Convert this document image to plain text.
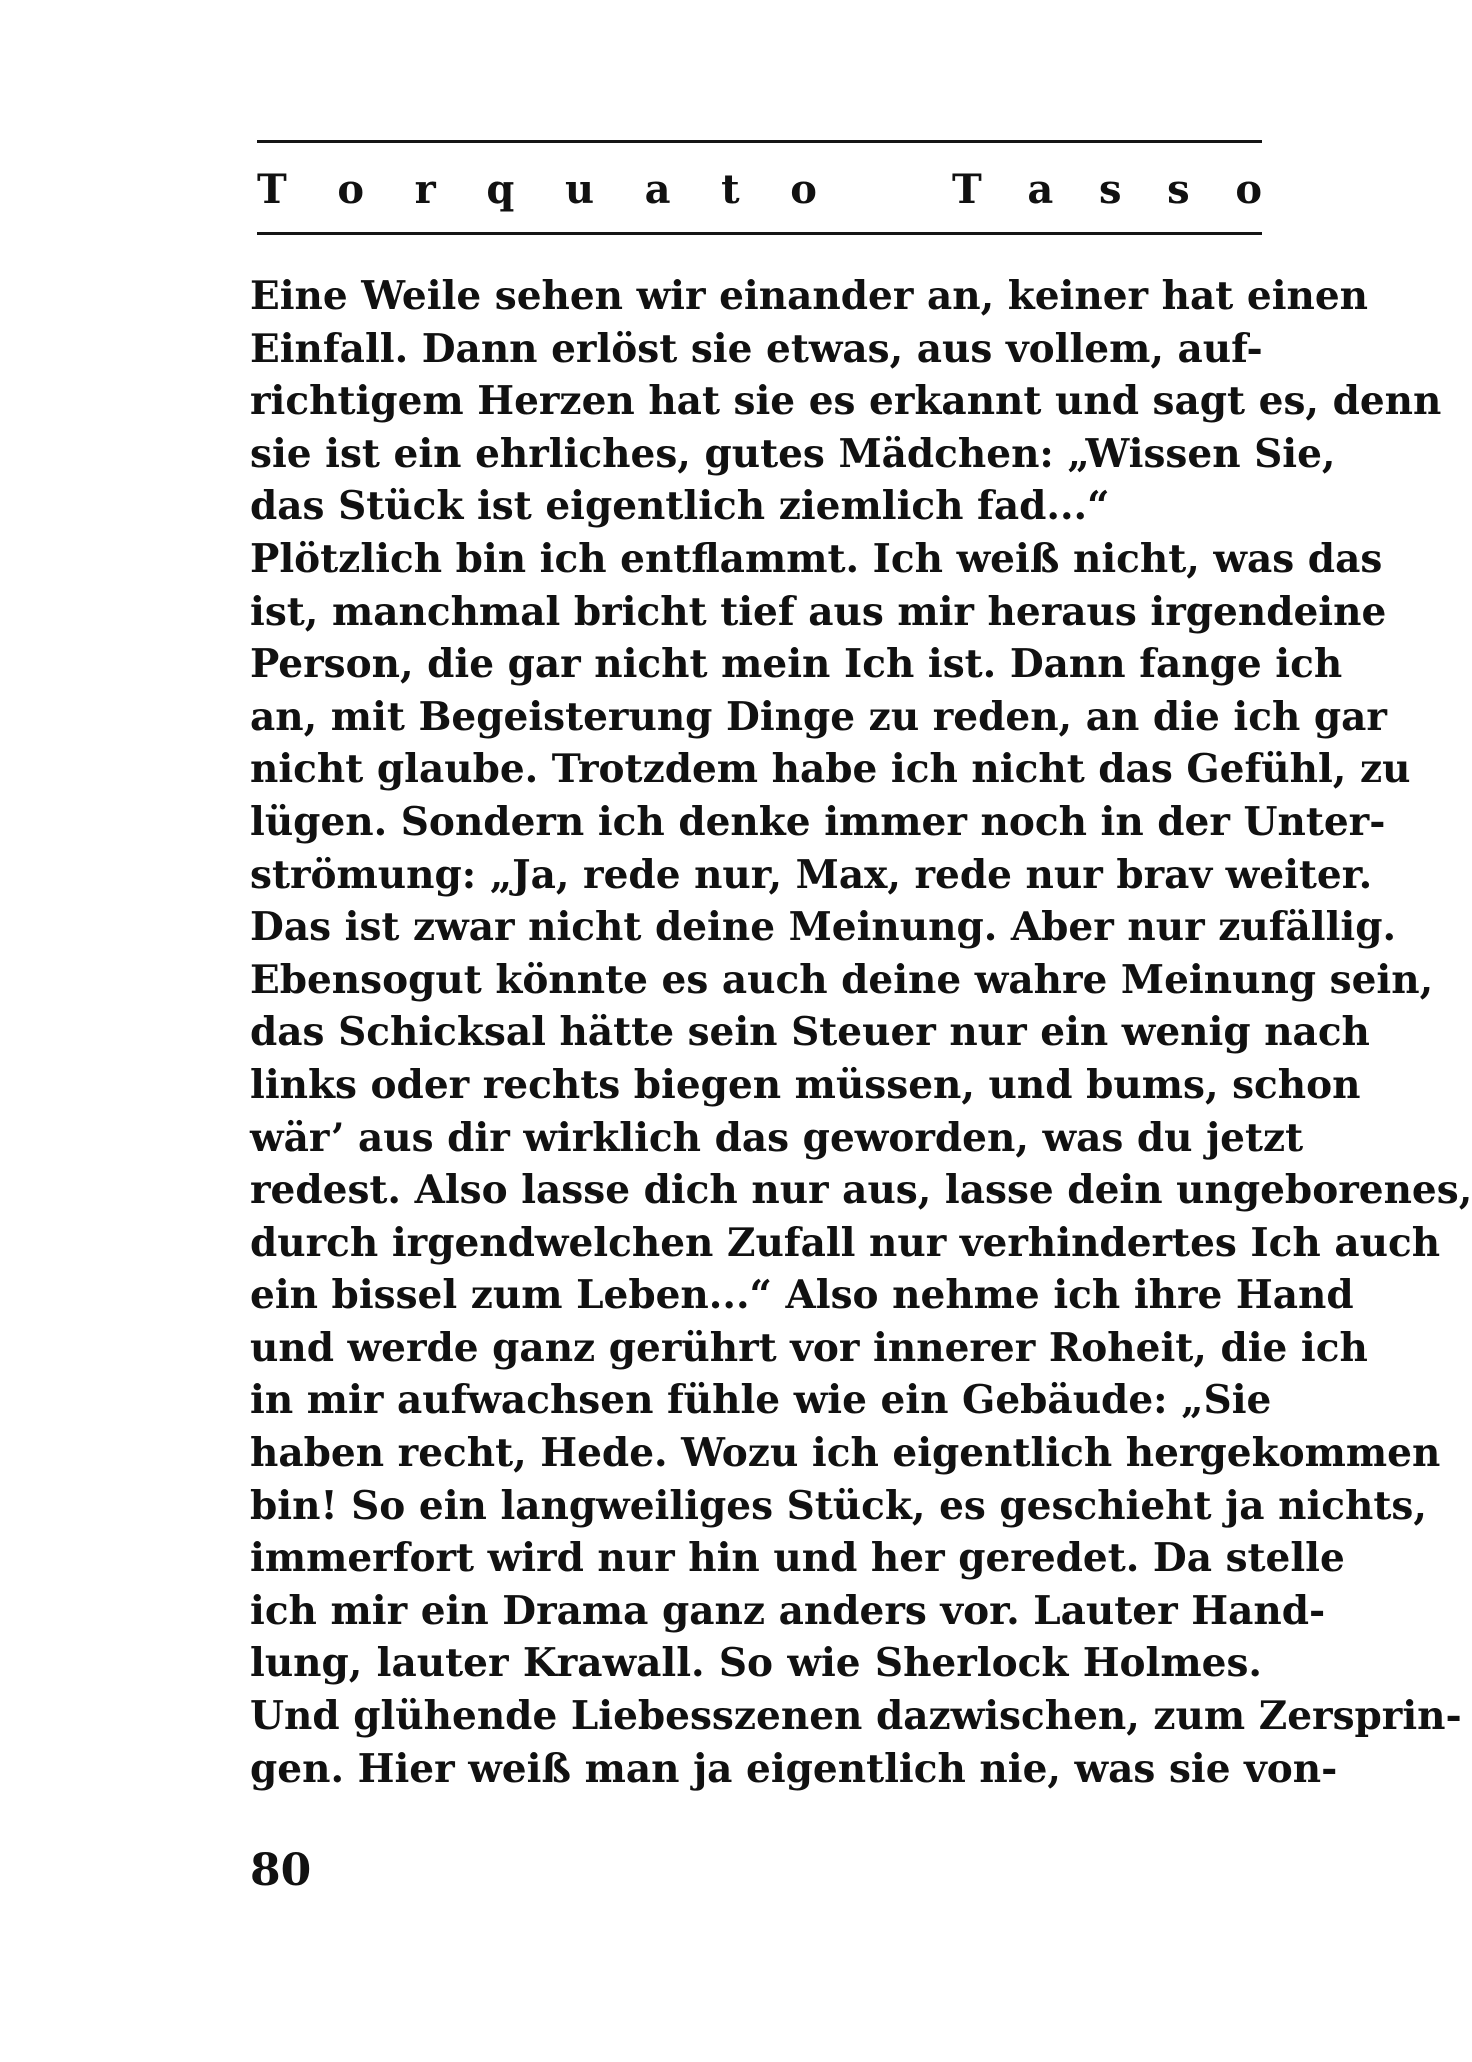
T o r q u a t o	T a s s o
Eine Weile sehen wir einander an, keiner hat einen
Einfall. Dann erlöst sie etwas, aus vollem, auf-
richtigem Herzen hat sie es erkannt und sagt es, denn
sie ist ein ehrliches, gutes Mädchen: „Wissen Sie,
das Stück ist eigentlich ziemlich fad...“
Plötzlich bin ich entflammt. Ich weiß nicht, was das
ist, manchmal bricht tief aus mir heraus irgendeine
Person, die gar nicht mein Ich ist. Dann fange ich
an, mit Begeisterung Dinge zu reden, an die ich gar
nicht glaube. Trotzdem habe ich nicht das Gefühl, zu
lügen. Sondern ich denke immer noch in der Unter-
strömung: „Ja, rede nur, Max, rede nur brav weiter.
Das ist zwar nicht deine Meinung. Aber nur zufällig.
Ebensogut könnte es auch deine wahre Meinung sein,
das Schicksal hätte sein Steuer nur ein wenig nach
links oder rechts biegen müssen, und bums, schon
wär’ aus dir wirklich das geworden, was du jetzt
redest. Also lasse dich nur aus, lasse dein ungeborenes,
durch irgendwelchen Zufall nur verhindertes Ich auch
ein bissel zum Leben...“ Also nehme ich ihre Hand
und werde ganz gerührt vor innerer Roheit, die ich
in mir aufwachsen fühle wie ein Gebäude: „Sie
haben recht, Hede. Wozu ich eigentlich hergekommen
bin! So ein langweiliges Stück, es geschieht ja nichts,
immerfort wird nur hin und her geredet. Da stelle
ich mir ein Drama ganz anders vor. Lauter Hand-
lung, lauter Krawall. So wie Sherlock Holmes.
Und glühende Liebesszenen dazwischen, zum Zersprin-
gen. Hier weiß man ja eigentlich nie, was sie von-
80
